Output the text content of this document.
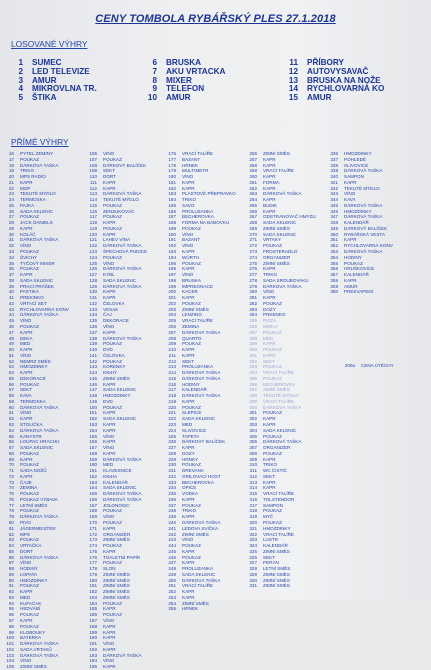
CENY TOMBOLA RYBÁŘSKÝ PLES 27.1.2018
LOSOVANÉ VÝHRY
1 SUMEC
2 LED TELEVIZE
3 AMUR
4 MIKROVLNA TR.
5 ŠTIKA
6 BRUSKA
7 AKU VRTACKA
8 MIXER
9 TELEFON
10 AMUR
11 PŘÍBORY
12 AUTOVYSAVAČ
13 BRUSKA NA NOŽE
14 RYCHLOVARNÁ KO
15 AMUR
PŘÍMÉ VÝHRY
16 PYTEL ZEMINY
17 POUKAZ
18 DÁRKOVÁ TAŠKA
19 TRIKO
20 MPS RADIO
21 KAPR
22 MOP
23 TEKUTÉ MÝDLO
24 TERMOSKA
25 PAJKA
26 SADA SKLENIC
27 POUKAZ
28 JACK DANIELS
29 KAPR
30 KOLÁČ
31 DÁRKOVÁ TAŠKA
32 VÍNO
33 POUKAZ
34 ŠVICHY
35 TYČOVÝ MIXER
36 POUKAZ
37 KAPR
38 SADA SKLENIC
39 PRACÍ PRÁŠEK
40 PASTIKA
41 PREKINKO
42 VRTACÍ SET
43 RYCHLOVARNÁ KONV
44 DÁRKOVÁ TAŠKA
45 VÍNO
46 POUKAZ
47 KAPR
48 DEKA
49 MED
50 KAPR
51 VÍNO
52 NEMRZ SMĚS
53 HMOZDINKY
54 KAPR
55 DEKORACE
56 POUKAZ
57 SEKT
58 KAVA
59 TERMOSKA
60 DÁRKOVÁ TAŠKA
61 VÍNO
62 KAPR
63 STOLIČKA
64 DÁRKOVÁ TAŠKA
65 KANYSTR
66 LOUPAC HRACHU
67 SADA SKLENIC
68 POUKAZ
69 KAPR
70 POUKAZ
71 SADA NOŽŮ
72 KAPR
73 ČAJE
74 ZEMINA
75 POUKAZ
76 POUKAZ VÝBAVA
77 LETNÍ SMĚS
78 POUKAZ
79 DÁRKOVÁ TAŠKA
80 PIVO
81 JÄGERMEISTER
82 MPS
83 POUKAZ
84 VRTAČKA
85 DORT
86 DÁRKOVÁ TAŠKA
87 VÍNO
88 HODINY
89 LOPATA
90 HMOZDINKY
91 POUKAZ
92 KAPR
93 MED
94 KUFAČAK
95 HEDVÁBÍ
96 POUKAZ
97 KAPR
98 POUKAZ
99 KLOBOUKY
100 BATERKA
101 DÁRKOVÁ TAŠKA
102 SADA VRTAKŮ
103 DÁRKOVÁ TAŠKA
104 VÍNO
105 ZIMNÍ SMĚS
106 VÍNO
107 POUKAZ
108 DÁRKOVÝ BALÍČEK
109 SEKT
110 DORT
111 KAPR
112 KAPR
113 DÁRKOVÁ TAŠKA
114 TEKUTÉ MÝDLO
115 POUKAZ
116 ZENZUKOVÁC
117 POUKAZ
118 KAPR
119 POUKAZ
120 KAPR
121 LAHEV VÍNA
122 DÁRKOVÁ TAŠKA
123 ŠPECHOVÁ PUDICE
124 POUKAZ
125 VÍNO
126 DÁRKOVÁ TAŠKA
127 KYBL
128 SADA SKLENIC
129 DÁRKOVÁ TAŠKA
130 KAPR
131 KAPR
132 ČELOVKA
133 VESAK
134 ČAJ
135 DEKORACE
136 VÍNO
137 KAPR
138 DÁRKOVÁ TAŠKA
139 POUKAZ
140 DVD
141 ČELOVKA
142 POUKAZ
143 KORENKY
144 KNIHY
145 ZIMNÍ SMĚS
146 KAPR
147 SADA SKLENIC
148 HMOZDINKY
149 DVD
150 POUKAZ
151 KAPR
152 SADA SKLENIC
153 KAPR
154 KAPR
155 VÍNO
156 KAPR
157 VÍNO
158 KAPR
159 DÁRKOVÁ TAŠKA
160 MED
161 KLAVESNICE
162 KNIHA
163 KALENDÁŘ
164 SADA SKLENIC
165 DÁRKOVÁ TAŠKA
166 DÁRKOVÁ TAŠKA
167 JOLONOSIC
168 POUKAZ
169 VÍNO
170 POUKAZ
171 KAPR
172 ORGANIZÉR
173 ZIMNÍ SMĚS
174 POUKAZ
175 KAPR
176 TOALETNÍ PAPÍR
177 POUKAZ
178 SLON
179 ZIMNÍ SMĚS
180 ZIMNÍ SMĚS
181 ZIMNÍ SMĚS
182 ZIMNÍ SMĚS
183 ZIMNÍ SMĚS
184 POUKAZ
185 KAPR
186 POUKAZ
187 VÍNO
188 KAPR
189 KAPR
190 KAPR
191 VÍNO
192 KAPR
193 DÁRKOVÁ TAŠKA
194 VÍNO
195 KAPR
176 VRACÍ TALÍŘE
177 BAZANT
178 HRNEK
179 MULTIMETR
180 VÍNO
181 KAPR
182 KAPR
183 PLASTOVÉ PŘEPRAVKO
184 TRIKO
185 SAVO
186 PROLUZANKA
187 BECHEROVKA
188 FORMA NA BÁBOVKU
189 POUKAZ
190 VÍNO
191 BAZANT
192 VÍNO
193 KAPR
194 WÜRTH
195 POUKAZ
196 KAPR
197 VÍNO
198 BRUSKA
199 IMPREGNACE
200 KACER
201 KAPR
202 POUKAZ
203 ZIMNÍ SMĚS
204 LENZING
205 VRACÍ TALÍŘE
206 ZEMINA
207 DÁRKOVÁ TAŠKA
208 QUARTO
209 POUKAZ
210 KAPR
211 KAPR
212 SEKT
213 PROLUZANKA
214 DÁRKOVÁ TAŠKA
215 DÁRKOVÁ TAŠKA
216 HODINY
217 KALENDÁŘ
218 DÁRKOVÁ TAŠKA
219 KAPR
220 POUKAZ
221 SLEPICE
222 SADA SKLENIC
223 MED
224 SLIVOVICE
225 TAPETA
226 DÁRKOVÝ BALÍČEK
227 KAPR
228 DOZY
229 HRNKY
230 POUKAZ
231 DREVANA
232 GRILOVACÍ HOST
233 BECHEROVKA
234 OPICE
235 VODKA
236 KAPR
237 POUKAZ
238 TRIKO
239 KAPR
240 DÁRKOVÁ TAŠKA
241 LEDOVA SVÍČKA
242 ZIMNÍ SMĚS
243 VÍNO
244 POUKAZ
245 KAPR
246 POUKAZ
247 KAPR
248 PROLUZANKA
249 SADA SKLENIC
250 DÁRKOVÁ TAŠKA
251 VRACÍ TALÍŘE
252 KAPR
253 KAPR
254 ZIMNÍ SMĚS
255 HRNEK
256 ZIMNÍ SMĚS
257 KAPR
258 KAPR
259 VRACÍ TALÍŘE
260 KAPR
261 FORMA
262 KAPR
263 DÁRKOVÁ TAŠKA
264 KAPR
265 BUDIK
266 KAPR
267 ODSTRANOVAČ HMYZU
268 SADA SKLENIC
269 ZIMNÍ SMĚS
270 SADA SKLENIC
271 VRTAKY
272 POUKAZ
273 FROSTERADLO
274 ORGANIZER
275 ZIMNÍ SMĚS
276 KAPR
277 TRIKO
278 SADA SROUBOVAKU
279 DÁRKOVÁ TAŠKA
280 VÍNO
281 KAPR
282 POUKAZ
283 DOZY
284 PRKENKO
285 PIZZA
286 MISKA
287 POUKAZ
288 MED
289 KAPR
290 POUKAZ
291 KAPR
292 SEKT
293 POUKAZ
294 VRACÍ TALÍŘE
295 POUKAZ
296 BECHEROVKA
297 ZIMNÍ SMĚS
298 TEKUTÉ MÝDLO
299 VRACÍ TALÍŘE
300 DÁRKOVÁ TAŠKA
301 POUKAZ
302 KAPR
303 KAPR
304 SADA SKLENIC
305 POUKAZ
306 DÁRKOVÁ TAŠKA
307 ORGANIZER
308 POUKAZ
309 KAPR
310 TRIKO
311 WC ČISTIČ
312 SEKT
313 KAPR
314 KAPR
315 VRACÍ TALÍŘE
316 TOLSTENDOR
317 SAMPON
318 POUKAZ
319 MYČ
320 POUKAZ
321 HMOZDINKY
322 VRACÍ TALÍŘE
323 LUSTR
324 KALENDÁŘ
325 ZIMNÍ SMĚS
326 SEKT
327 PERAN
328 LETNÍ SMĚS
329 ZIMNÍ SMĚS
330 ZIMNÍ SMĚS
331 ZIMNÍ SMĚS
336 HMOZDINKY
337 POHLEDÉ
338 SLIVOVICE
339 DÁRKOVÁ TAŠKA
340 SAMPON
341 KAPR
342 TEKUTÉ MÝDLO
343 VÍNO
344 KAVA
345 DÁRKOVÁ TAŠKA
346 HMOZDINKY
347 DÁRKOVÁ TAŠKA
348 KALENDÁŘ
349 DÁRKOVÝ BALÍČEK
350 RYBÁŘSKÁ VESTA
351 KAPR
352 RYCHLOVARNÁ KONV
353 DÁRKOVÁ TAŠKA
354 HODINY
355 POUKAZ
356 HRUŠKOVICE
357 KALENDÁŘ
358 KAPR
359 AMUR
360 PREKVAPENÍ
200a CENA ÚTĚCHY
